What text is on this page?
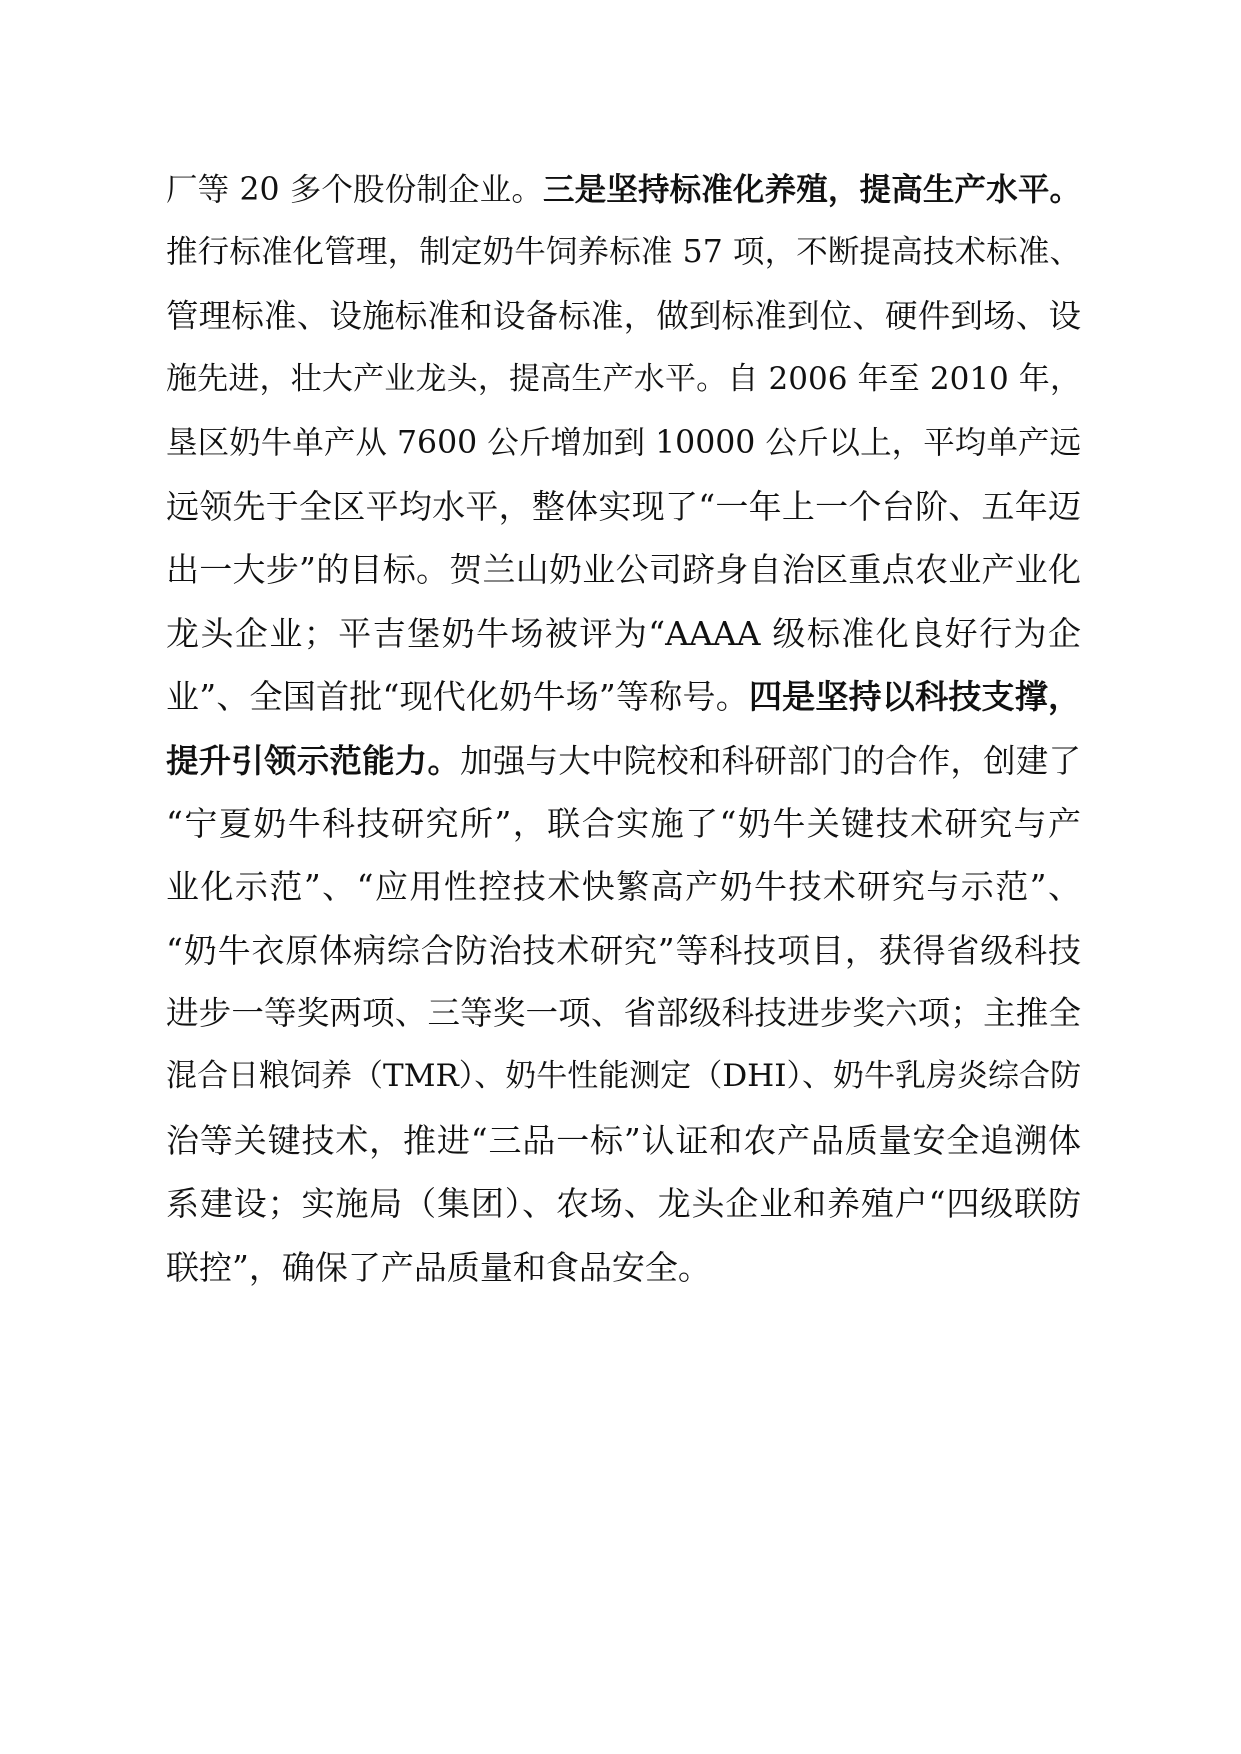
厂等 20 多个股份制企业。三是坚持标准化养殖，提高生产水平。
推行标准化管理，制定奶牛饲养标准 57 项，不断提高技术标准、
管理标准、设施标准和设备标准，做到标准到位、硬件到场、设
施先进，壮大产业龙头，提高生产水平。自 2006 年至 2010 年，
垦区奶牛单产从 7600 公斤增加到 10000 公斤以上，平均单产远
远领先于全区平均水平，整体实现了“一年上一个台阶、五年迈
出一大步”的目标。贺兰山奶业公司跻身自治区重点农业产业化
龙头企业；平吉堡奶牛场被评为“AAAA 级标准化良好行为企
业”、全国首批“现代化奶牛场”等称号。四是坚持以科技支撑，
提升引领示范能力。加强与大中院校和科研部门的合作，创建了
“宁夏奶牛科技研究所”，联合实施了“奶牛关键技术研究与产
业化示范”、“应用性控技术快繁高产奶牛技术研究与示范”、
“奶牛衣原体病综合防治技术研究”等科技项目，获得省级科技
进步一等奖两项、三等奖一项、省部级科技进步奖六项；主推全
混合日粮饲养（TMR）、奶牛性能测定（DHI）、奶牛乳房炎综合防
治等关键技术，推进“三品一标”认证和农产品质量安全追溯体
系建设；实施局（集团）、农场、龙头企业和养殖户“四级联防
联控”，确保了产品质量和食品安全。
